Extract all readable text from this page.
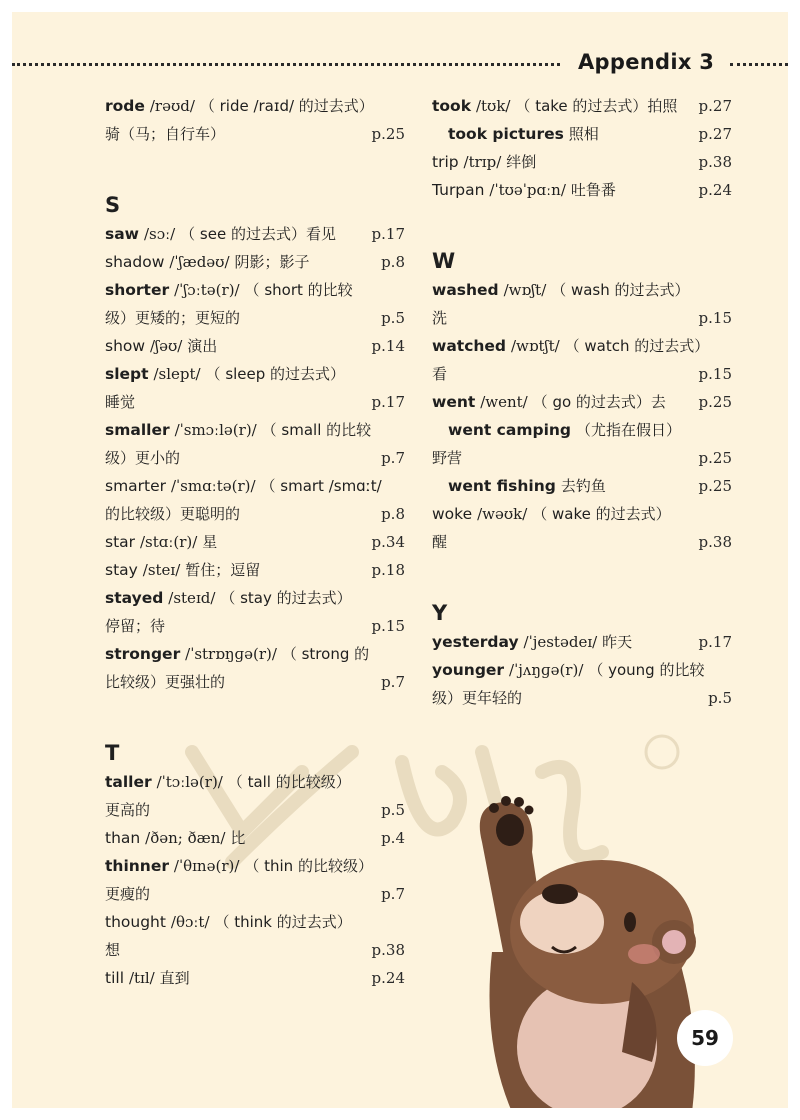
Appendix 3
rode /rəʊd/ （ ride /raɪd/ 的过去式）
骑（马；自行车）	p.25
S
saw /sɔː/ （ see 的过去式）看见 p.17
shadow /ˈʃædəʊ/ 阴影；影子	p.8
shorter /ˈʃɔːtə(r)/ （ short 的比较
级）更矮的；更短的	p.5
show /ʃəʊ/ 演出	p.14
slept /slept/ （ sleep 的过去式）
睡觉	p.17
smaller /ˈsmɔːlə(r)/ （ small 的比较
级）更小的	p.7
smarter /ˈsmɑːtə(r)/ （ smart /smɑːt/
的比较级）更聪明的	p.8
star /stɑː(r)/ 星	p.34
stay /steɪ/ 暂住；逗留	p.18
stayed /steɪd/ （ stay 的过去式）
停留；待	p.15
stronger /ˈstrɒŋɡə(r)/ （ strong 的
比较级）更强壮的	p.7
T
taller /ˈtɔːlə(r)/ （ tall 的比较级）
更高的	p.5
than /ðən; ðæn/ 比	p.4
thinner /ˈθɪnə(r)/ （ thin 的比较级）
更瘦的	p.7
thought /θɔːt/ （ think 的过去式）
想	p.38
till /tɪl/ 直到	p.24
took /tʊk/ （ take 的过去式）拍照 p.27
took pictures 照相	p.27
trip /trɪp/ 绊倒	p.38
Turpan /ˈtʊəˈpɑːn/ 吐鲁番	p.24
W
washed /wɒʃt/ （ wash 的过去式）
洗	p.15
watched /wɒtʃt/ （ watch 的过去式）
看	p.15
went /went/ （ go 的过去式）去 p.25
went camping （尤指在假日）
野营	p.25
went fishing 去钓鱼	p.25
woke /wəʊk/ （ wake 的过去式）
醒	p.38
Y
yesterday /ˈjestədeɪ/ 昨天	p.17
younger /ˈjʌŋɡə(r)/ （ young 的比较
级）更年轻的	p.5
59
